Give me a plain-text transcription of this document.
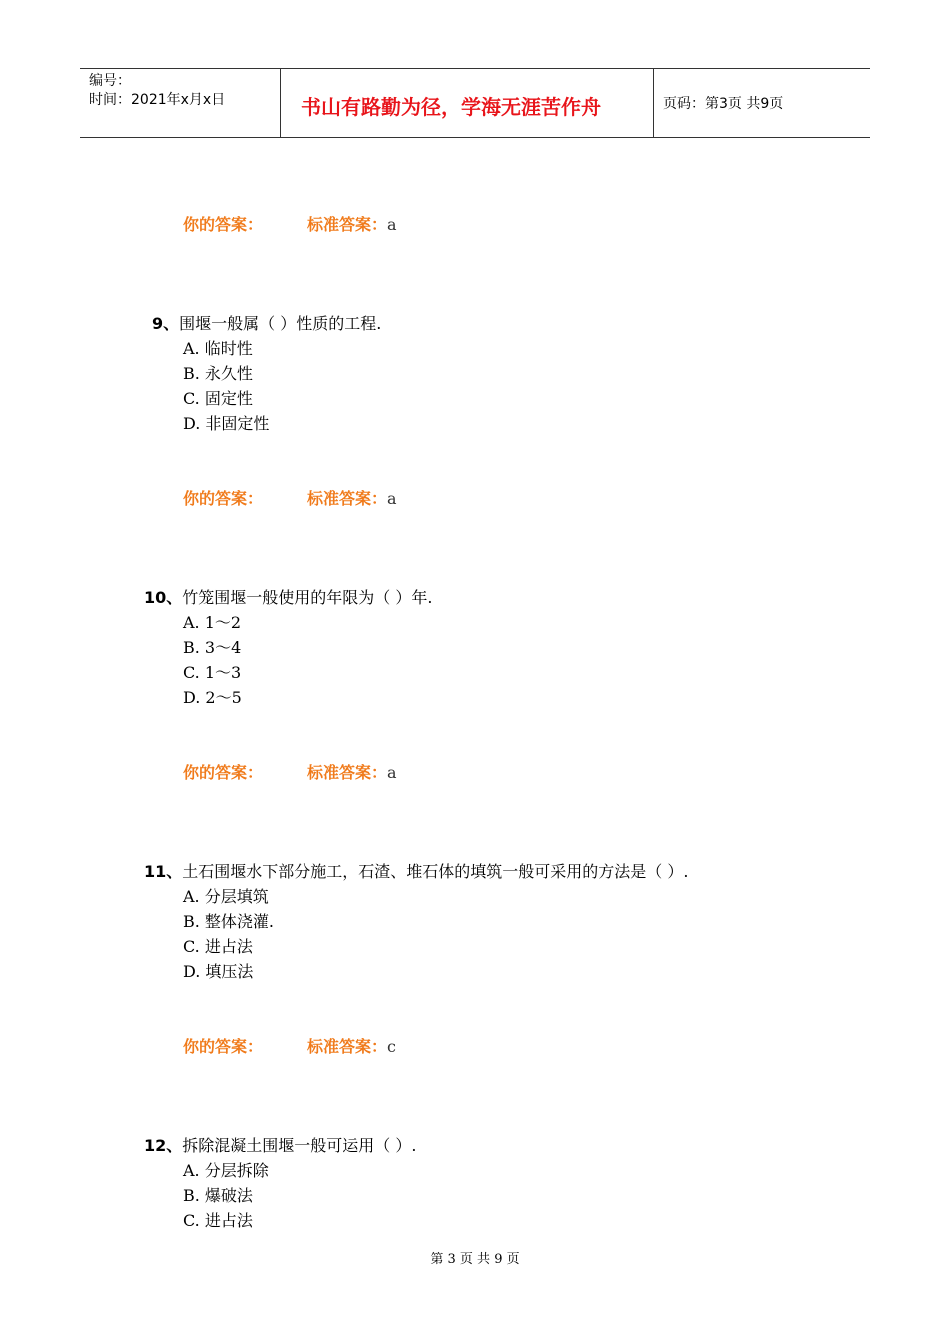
编号：
时间：2021年x月x日	书山有路勤为径，学海无涯苦作舟	页码：第3页 共9页
你的答案：	标准答案：a
9、围堰一般属（ ）性质的工程.
A. 临时性
B. 永久性
C. 固定性
D. 非固定性
你的答案：	标准答案：a
10、竹笼围堰一般使用的年限为（ ）年.
A. 1～2
B. 3～4
C. 1～3
D. 2～5
你的答案：	标准答案：a
11、土石围堰水下部分施工，石渣、堆石体的填筑一般可采用的方法是（ ）.
A. 分层填筑
B. 整体浇灌.
C. 进占法
D. 填压法
你的答案：	标准答案：c
12、拆除混凝土围堰一般可运用（ ）.
A. 分层拆除
B. 爆破法
C. 进占法
第 3 页 共 9 页
